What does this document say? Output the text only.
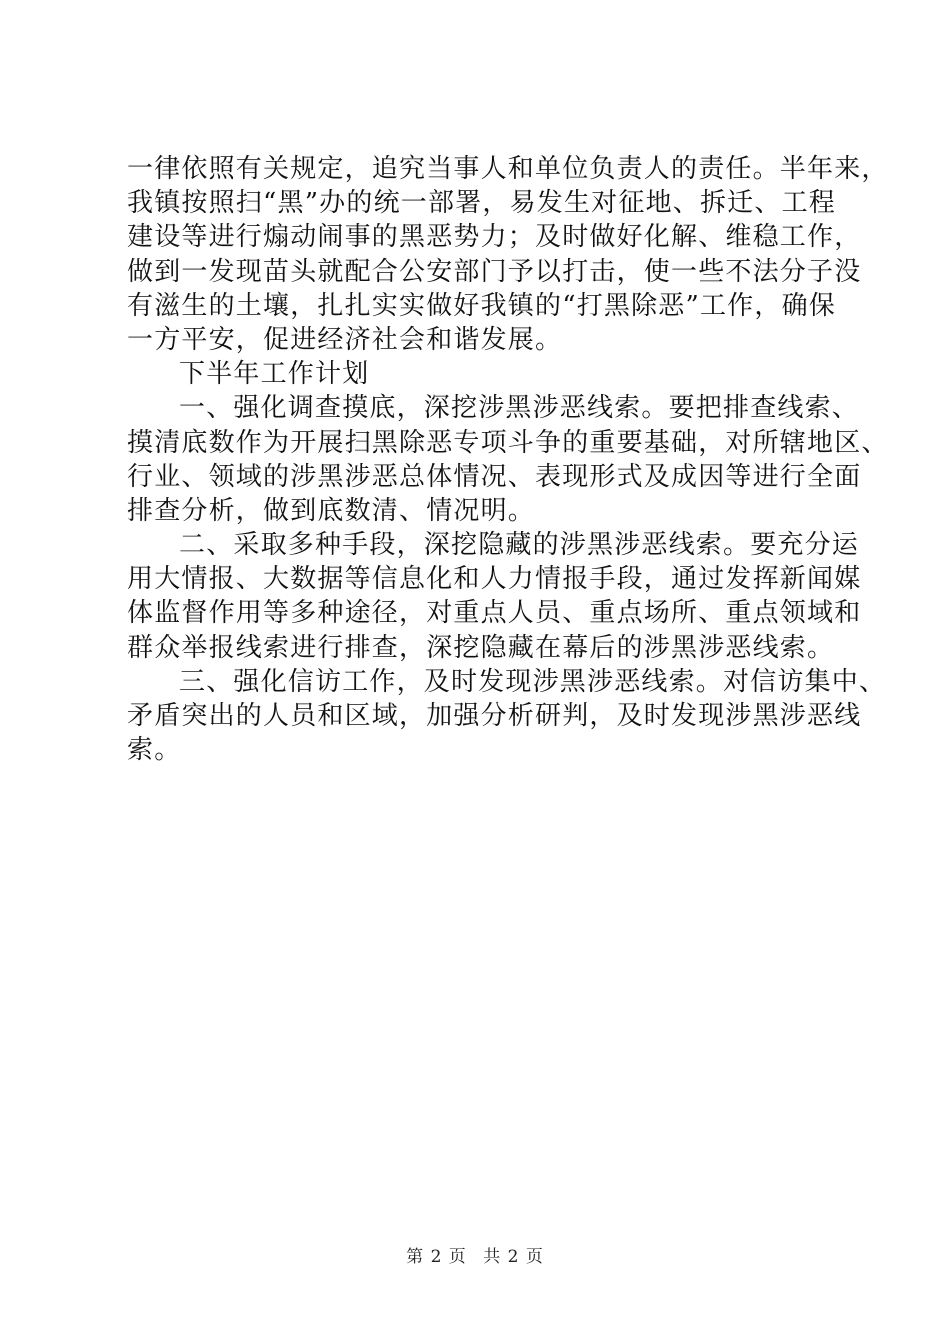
一律依照有关规定，追究当事人和单位负责人的责任。半年来，
我镇按照扫“黑”办的统一部署，易发生对征地、拆迁、工程
建设等进行煽动闹事的黑恶势力；及时做好化解、维稳工作，
做到一发现苗头就配合公安部门予以打击，使一些不法分子没
有滋生的土壤，扎扎实实做好我镇的“打黑除恶”工作，确保
一方平安，促进经济社会和谐发展。
下半年工作计划
一、强化调查摸底，深挖涉黑涉恶线索。要把排查线索、
摸清底数作为开展扫黑除恶专项斗争的重要基础，对所辖地区、
行业、领域的涉黑涉恶总体情况、表现形式及成因等进行全面
排查分析，做到底数清、情况明。
二、采取多种手段，深挖隐藏的涉黑涉恶线索。要充分运
用大情报、大数据等信息化和人力情报手段，通过发挥新闻媒
体监督作用等多种途径，对重点人员、重点场所、重点领域和
群众举报线索进行排查，深挖隐藏在幕后的涉黑涉恶线索。
三、强化信访工作，及时发现涉黑涉恶线索。对信访集中、
矛盾突出的人员和区域，加强分析研判，及时发现涉黑涉恶线
索。
第 2 页 共 2 页
